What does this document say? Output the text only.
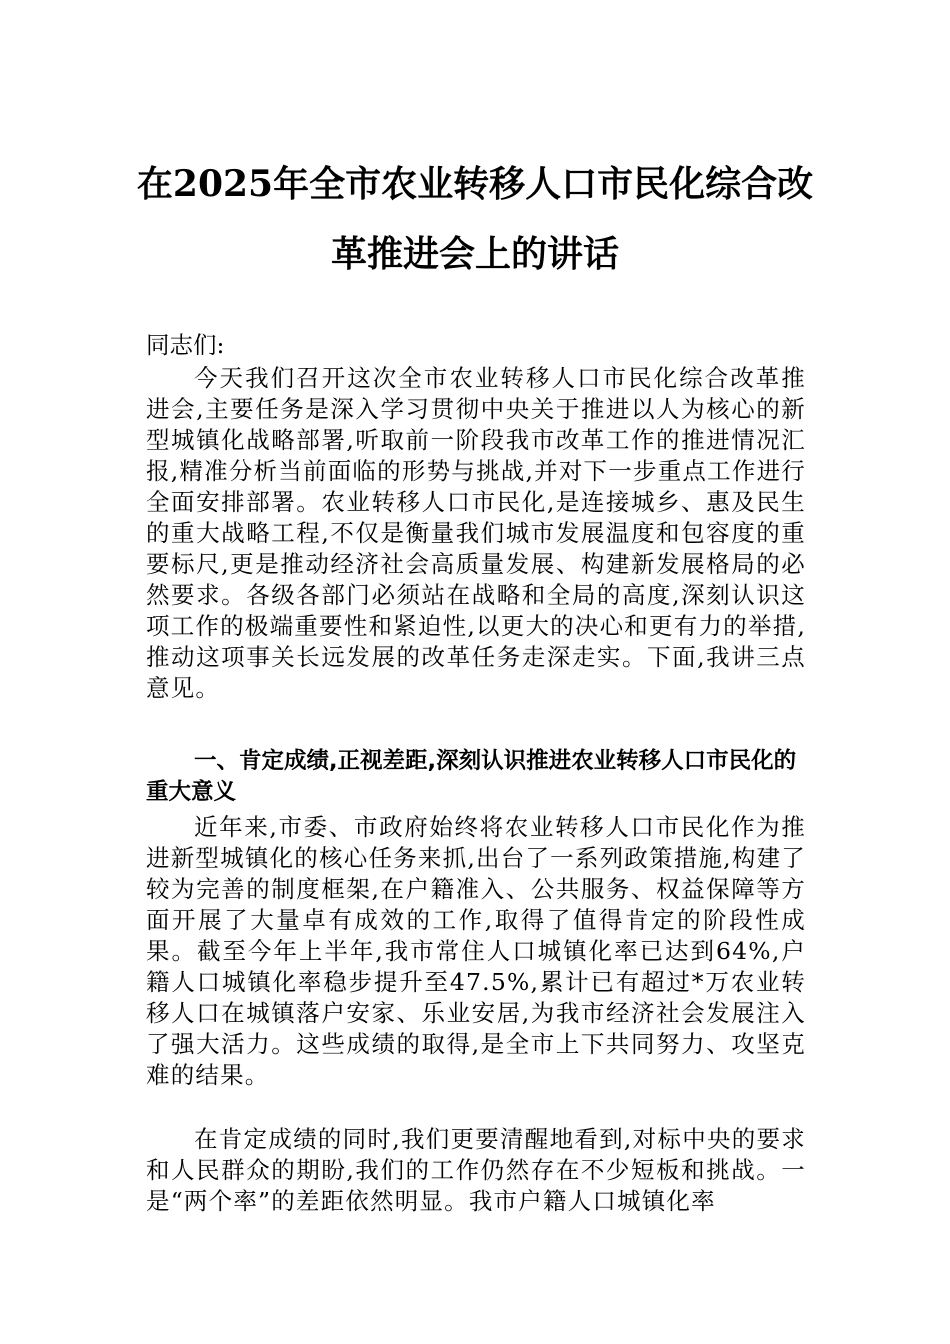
在2025年全市农业转移人口市民化综合改
革推进会上的讲话
同志们:
今天我们召开这次全市农业转移人口市民化综合改革推进会,主要任务是深入学习贯彻中央关于推进以人为核心的新型城镇化战略部署,听取前一阶段我市改革工作的推进情况汇报,精准分析当前面临的形势与挑战,并对下一步重点工作进行全面安排部署。农业转移人口市民化,是连接城乡、惠及民生的重大战略工程,不仅是衡量我们城市发展温度和包容度的重要标尺,更是推动经济社会高质量发展、构建新发展格局的必然要求。各级各部门必须站在战略和全局的高度,深刻认识这项工作的极端重要性和紧迫性,以更大的决心和更有力的举措,推动这项事关长远发展的改革任务走深走实。下面,我讲三点意见。
一、肯定成绩,正视差距,深刻认识推进农业转移人口市民化的重大意义
近年来,市委、市政府始终将农业转移人口市民化作为推进新型城镇化的核心任务来抓,出台了一系列政策措施,构建了较为完善的制度框架,在户籍准入、公共服务、权益保障等方面开展了大量卓有成效的工作,取得了值得肯定的阶段性成果。截至今年上半年,我市常住人口城镇化率已达到64%,户籍人口城镇化率稳步提升至47.5%,累计已有超过*万农业转移人口在城镇落户安家、乐业安居,为我市经济社会发展注入了强大活力。这些成绩的取得,是全市上下共同努力、攻坚克难的结果。
在肯定成绩的同时,我们更要清醒地看到,对标中央的要求和人民群众的期盼,我们的工作仍然存在不少短板和挑战。一是“两个率”的差距依然明显。我市户籍人口城镇化率
